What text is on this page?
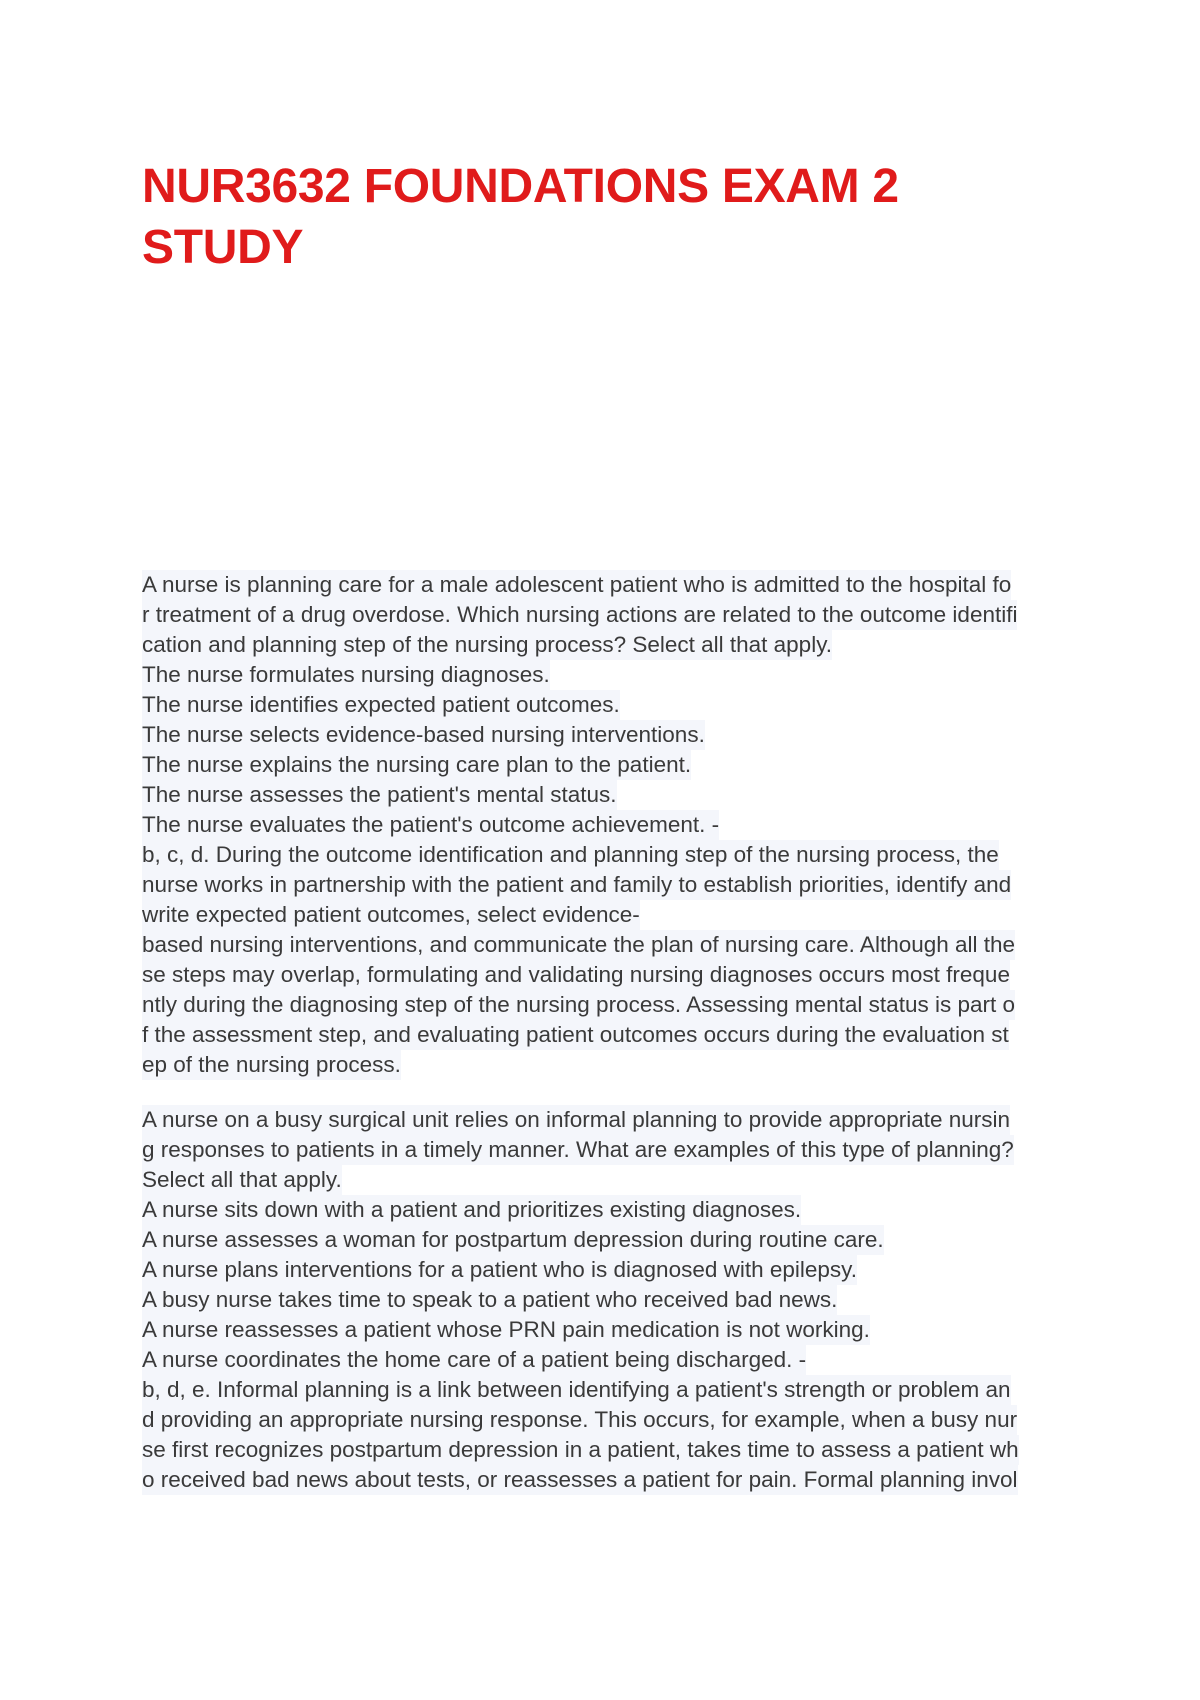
NUR3632 FOUNDATIONS EXAM 2
STUDY
A nurse is planning care for a male adolescent patient who is admitted to the hospital fo
r treatment of a drug overdose. Which nursing actions are related to the outcome identifi
cation and planning step of the nursing process? Select all that apply.
The nurse formulates nursing diagnoses.
The nurse identifies expected patient outcomes.
The nurse selects evidence-based nursing interventions.
The nurse explains the nursing care plan to the patient.
The nurse assesses the patient's mental status.
The nurse evaluates the patient's outcome achievement. -
b, c, d. During the outcome identification and planning step of the nursing process, the
nurse works in partnership with the patient and family to establish priorities, identify and
write expected patient outcomes, select evidence-
based nursing interventions, and communicate the plan of nursing care. Although all the
se steps may overlap, formulating and validating nursing diagnoses occurs most freque
ntly during the diagnosing step of the nursing process. Assessing mental status is part o
f the assessment step, and evaluating patient outcomes occurs during the evaluation st
ep of the nursing process.
A nurse on a busy surgical unit relies on informal planning to provide appropriate nursin
g responses to patients in a timely manner. What are examples of this type of planning?
Select all that apply.
A nurse sits down with a patient and prioritizes existing diagnoses.
A nurse assesses a woman for postpartum depression during routine care.
A nurse plans interventions for a patient who is diagnosed with epilepsy.
A busy nurse takes time to speak to a patient who received bad news.
A nurse reassesses a patient whose PRN pain medication is not working.
A nurse coordinates the home care of a patient being discharged. -
b, d, e. Informal planning is a link between identifying a patient's strength or problem an
d providing an appropriate nursing response. This occurs, for example, when a busy nur
se first recognizes postpartum depression in a patient, takes time to assess a patient wh
o received bad news about tests, or reassesses a patient for pain. Formal planning invol
